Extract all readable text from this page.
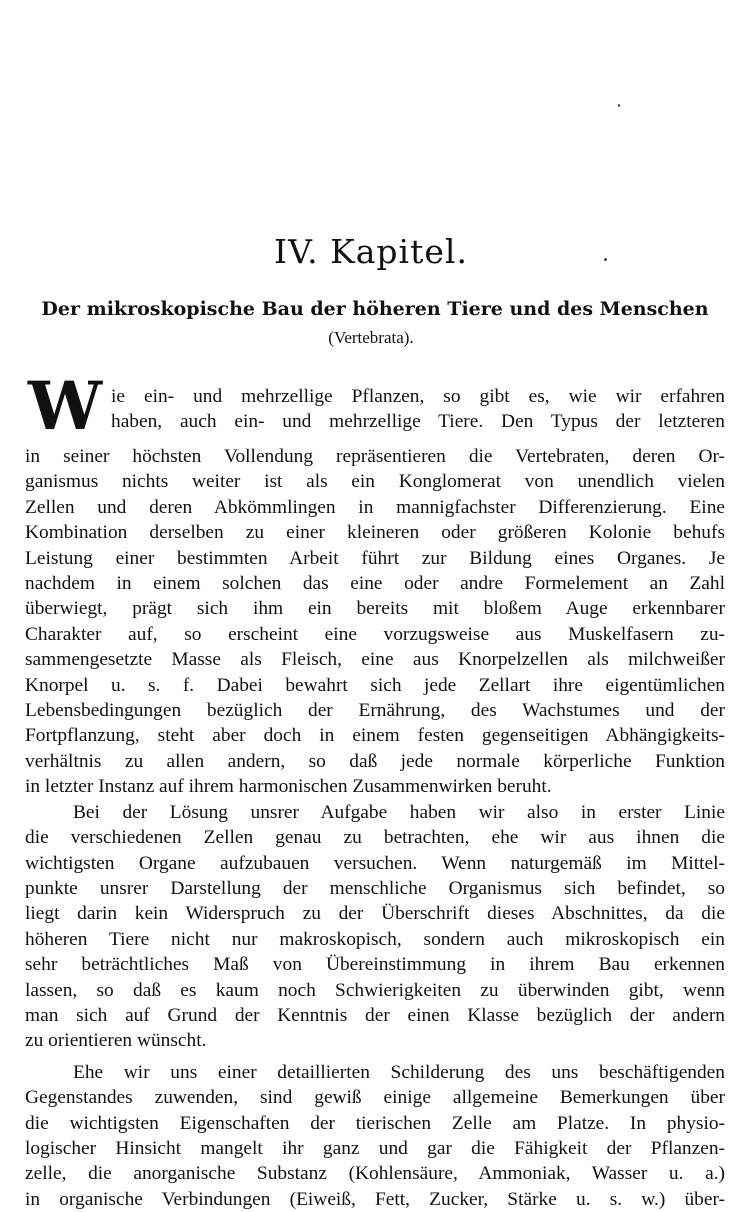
IV. Kapitel.
Der mikroskopische Bau der höheren Tiere und des Menschen
(Vertebrata).
W ie ein- und mehrzellige Pflanzen, so gibt es, wie wir erfahren
haben, auch ein- und mehrzellige Tiere. Den Typus der letzteren
in seiner höchsten Vollendung repräsentieren die Vertebraten, deren Or-
ganismus nichts weiter ist als ein Konglomerat von unendlich vielen
Zellen und deren Abkömmlingen in mannigfachster Differenzierung. Eine
Kombination derselben zu einer kleineren oder größeren Kolonie behufs
Leistung einer bestimmten Arbeit führt zur Bildung eines Organes. Je
nachdem in einem solchen das eine oder andre Formelement an Zahl
überwiegt, prägt sich ihm ein bereits mit bloßem Auge erkennbarer
Charakter auf, so erscheint eine vorzugsweise aus Muskelfasern zu-
sammengesetzte Masse als Fleisch, eine aus Knorpelzellen als milchweißer
Knorpel u. s. f. Dabei bewahrt sich jede Zellart ihre eigentümlichen
Lebensbedingungen bezüglich der Ernährung, des Wachstumes und der
Fortpflanzung, steht aber doch in einem festen gegenseitigen Abhängigkeits-
verhältnis zu allen andern, so daß jede normale körperliche Funktion
in letzter Instanz auf ihrem harmonischen Zusammenwirken beruht.
Bei der Lösung unsrer Aufgabe haben wir also in erster Linie
die verschiedenen Zellen genau zu betrachten, ehe wir aus ihnen die
wichtigsten Organe aufzubauen versuchen. Wenn naturgemäß im Mittel-
punkte unsrer Darstellung der menschliche Organismus sich befindet, so
liegt darin kein Widerspruch zu der Überschrift dieses Abschnittes, da die
höheren Tiere nicht nur makroskopisch, sondern auch mikroskopisch ein
sehr beträchtliches Maß von Übereinstimmung in ihrem Bau erkennen
lassen, so daß es kaum noch Schwierigkeiten zu überwinden gibt, wenn
man sich auf Grund der Kenntnis der einen Klasse bezüglich der andern
zu orientieren wünscht.
Ehe wir uns einer detaillierten Schilderung des uns beschäftigenden
Gegenstandes zuwenden, sind gewiß einige allgemeine Bemerkungen über
die wichtigsten Eigenschaften der tierischen Zelle am Platze. In physio-
logischer Hinsicht mangelt ihr ganz und gar die Fähigkeit der Pflanzen-
zelle, die anorganische Substanz (Kohlensäure, Ammoniak, Wasser u. a.)
in organische Verbindungen (Eiweiß, Fett, Zucker, Stärke u. s. w.) über-
